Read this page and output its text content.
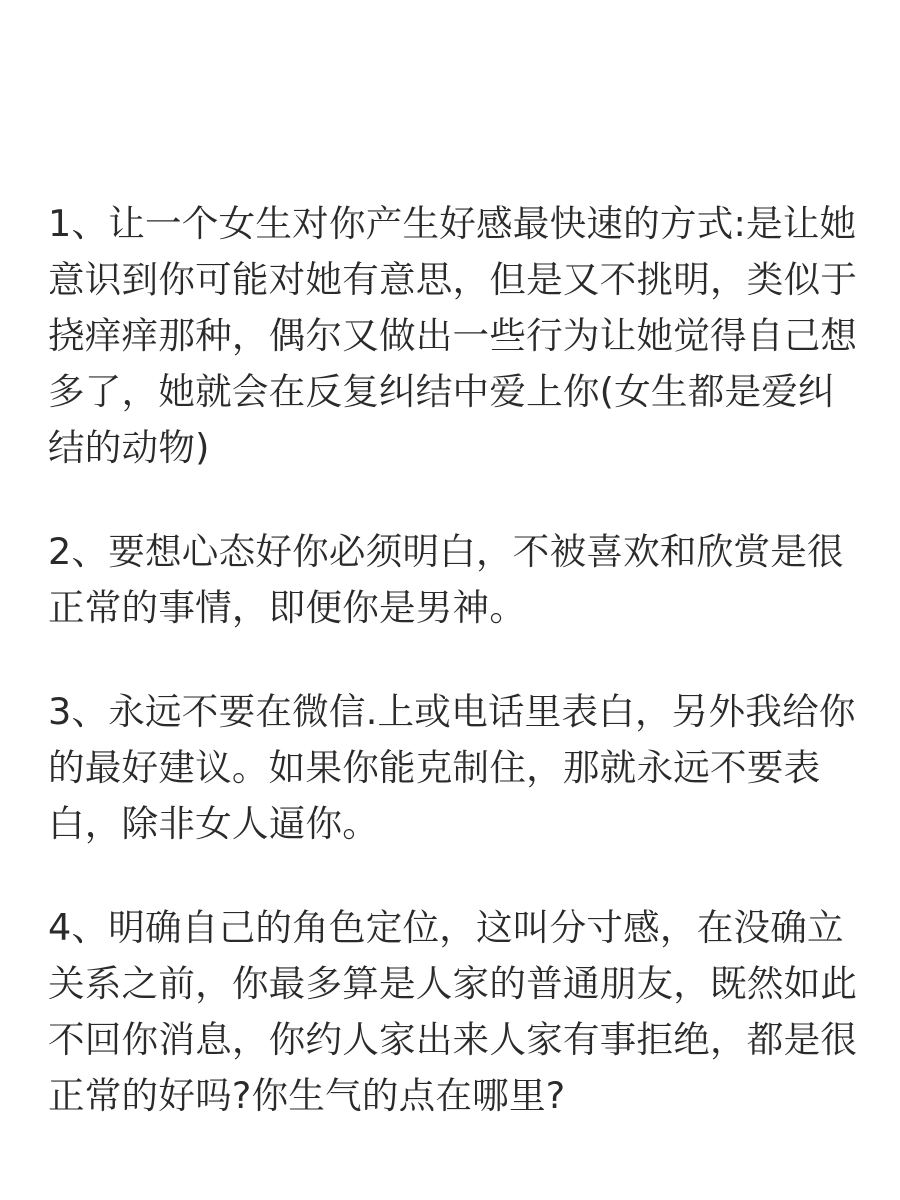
1、让一个女生对你产生好感最快速的方式:是让她意识到你可能对她有意思，但是又不挑明，类似于挠痒痒那种，偶尔又做出一些行为让她觉得自己想多了，她就会在反复纠结中爱上你(女生都是爱纠结的动物)

2、要想心态好你必须明白，不被喜欢和欣赏是很正常的事情，即便你是男神。

3、永远不要在微信.上或电话里表白，另外我给你的最好建议。如果你能克制住，那就永远不要表白，除非女人逼你。

4、明确自己的角色定位，这叫分寸感，在没确立关系之前，你最多算是人家的普通朋友，既然如此不回你消息，你约人家出来人家有事拒绝，都是很正常的好吗?你生气的点在哪里?
